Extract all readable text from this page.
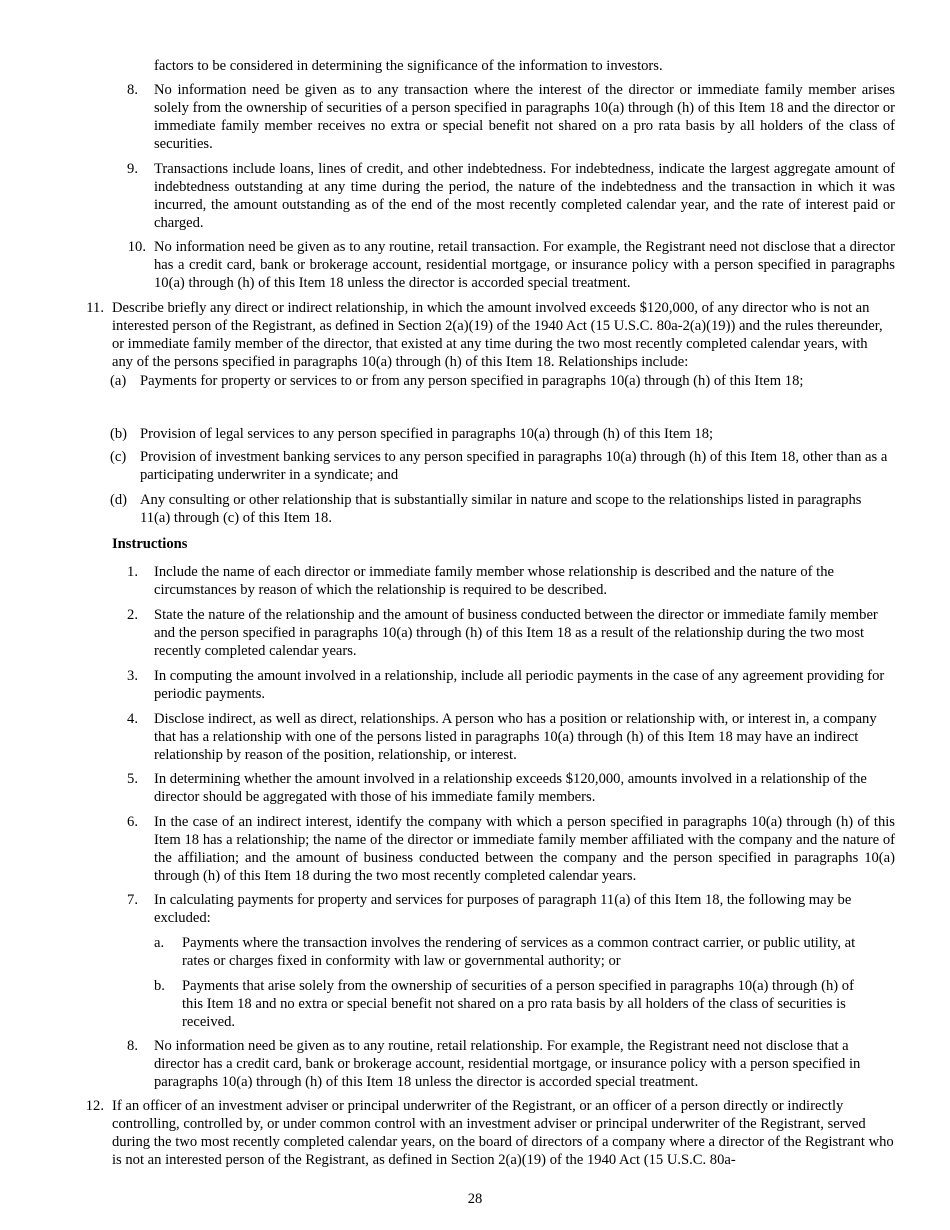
factors to be considered in determining the significance of the information to investors.
8. No information need be given as to any transaction where the interest of the director or immediate family member arises solely from the ownership of securities of a person specified in paragraphs 10(a) through (h) of this Item 18 and the director or immediate family member receives no extra or special benefit not shared on a pro rata basis by all holders of the class of securities.
9. Transactions include loans, lines of credit, and other indebtedness. For indebtedness, indicate the largest aggregate amount of indebtedness outstanding at any time during the period, the nature of the indebtedness and the transaction in which it was incurred, the amount outstanding as of the end of the most recently completed calendar year, and the rate of interest paid or charged.
10. No information need be given as to any routine, retail transaction. For example, the Registrant need not disclose that a director has a credit card, bank or brokerage account, residential mortgage, or insurance policy with a person specified in paragraphs 10(a) through (h) of this Item 18 unless the director is accorded special treatment.
11. Describe briefly any direct or indirect relationship, in which the amount involved exceeds $120,000, of any director who is not an interested person of the Registrant, as defined in Section 2(a)(19) of the 1940 Act (15 U.S.C. 80a-2(a)(19)) and the rules thereunder, or immediate family member of the director, that existed at any time during the two most recently completed calendar years, with any of the persons specified in paragraphs 10(a) through (h) of this Item 18. Relationships include:
(a) Payments for property or services to or from any person specified in paragraphs 10(a) through (h) of this Item 18;
(b) Provision of legal services to any person specified in paragraphs 10(a) through (h) of this Item 18;
(c) Provision of investment banking services to any person specified in paragraphs 10(a) through (h) of this Item 18, other than as a participating underwriter in a syndicate; and
(d) Any consulting or other relationship that is substantially similar in nature and scope to the relationships listed in paragraphs 11(a) through (c) of this Item 18.
Instructions
1. Include the name of each director or immediate family member whose relationship is described and the nature of the circumstances by reason of which the relationship is required to be described.
2. State the nature of the relationship and the amount of business conducted between the director or immediate family member and the person specified in paragraphs 10(a) through (h) of this Item 18 as a result of the relationship during the two most recently completed calendar years.
3. In computing the amount involved in a relationship, include all periodic payments in the case of any agreement providing for periodic payments.
4. Disclose indirect, as well as direct, relationships. A person who has a position or relationship with, or interest in, a company that has a relationship with one of the persons listed in paragraphs 10(a) through (h) of this Item 18 may have an indirect relationship by reason of the position, relationship, or interest.
5. In determining whether the amount involved in a relationship exceeds $120,000, amounts involved in a relationship of the director should be aggregated with those of his immediate family members.
6. In the case of an indirect interest, identify the company with which a person specified in paragraphs 10(a) through (h) of this Item 18 has a relationship; the name of the director or immediate family member affiliated with the company and the nature of the affiliation; and the amount of business conducted between the company and the person specified in paragraphs 10(a) through (h) of this Item 18 during the two most recently completed calendar years.
7. In calculating payments for property and services for purposes of paragraph 11(a) of this Item 18, the following may be excluded:
a. Payments where the transaction involves the rendering of services as a common contract carrier, or public utility, at rates or charges fixed in conformity with law or governmental authority; or
b. Payments that arise solely from the ownership of securities of a person specified in paragraphs 10(a) through (h) of this Item 18 and no extra or special benefit not shared on a pro rata basis by all holders of the class of securities is received.
8. No information need be given as to any routine, retail relationship. For example, the Registrant need not disclose that a director has a credit card, bank or brokerage account, residential mortgage, or insurance policy with a person specified in paragraphs 10(a) through (h) of this Item 18 unless the director is accorded special treatment.
12. If an officer of an investment adviser or principal underwriter of the Registrant, or an officer of a person directly or indirectly controlling, controlled by, or under common control with an investment adviser or principal underwriter of the Registrant, served during the two most recently completed calendar years, on the board of directors of a company where a director of the Registrant who is not an interested person of the Registrant, as defined in Section 2(a)(19) of the 1940 Act (15 U.S.C. 80a-
28
